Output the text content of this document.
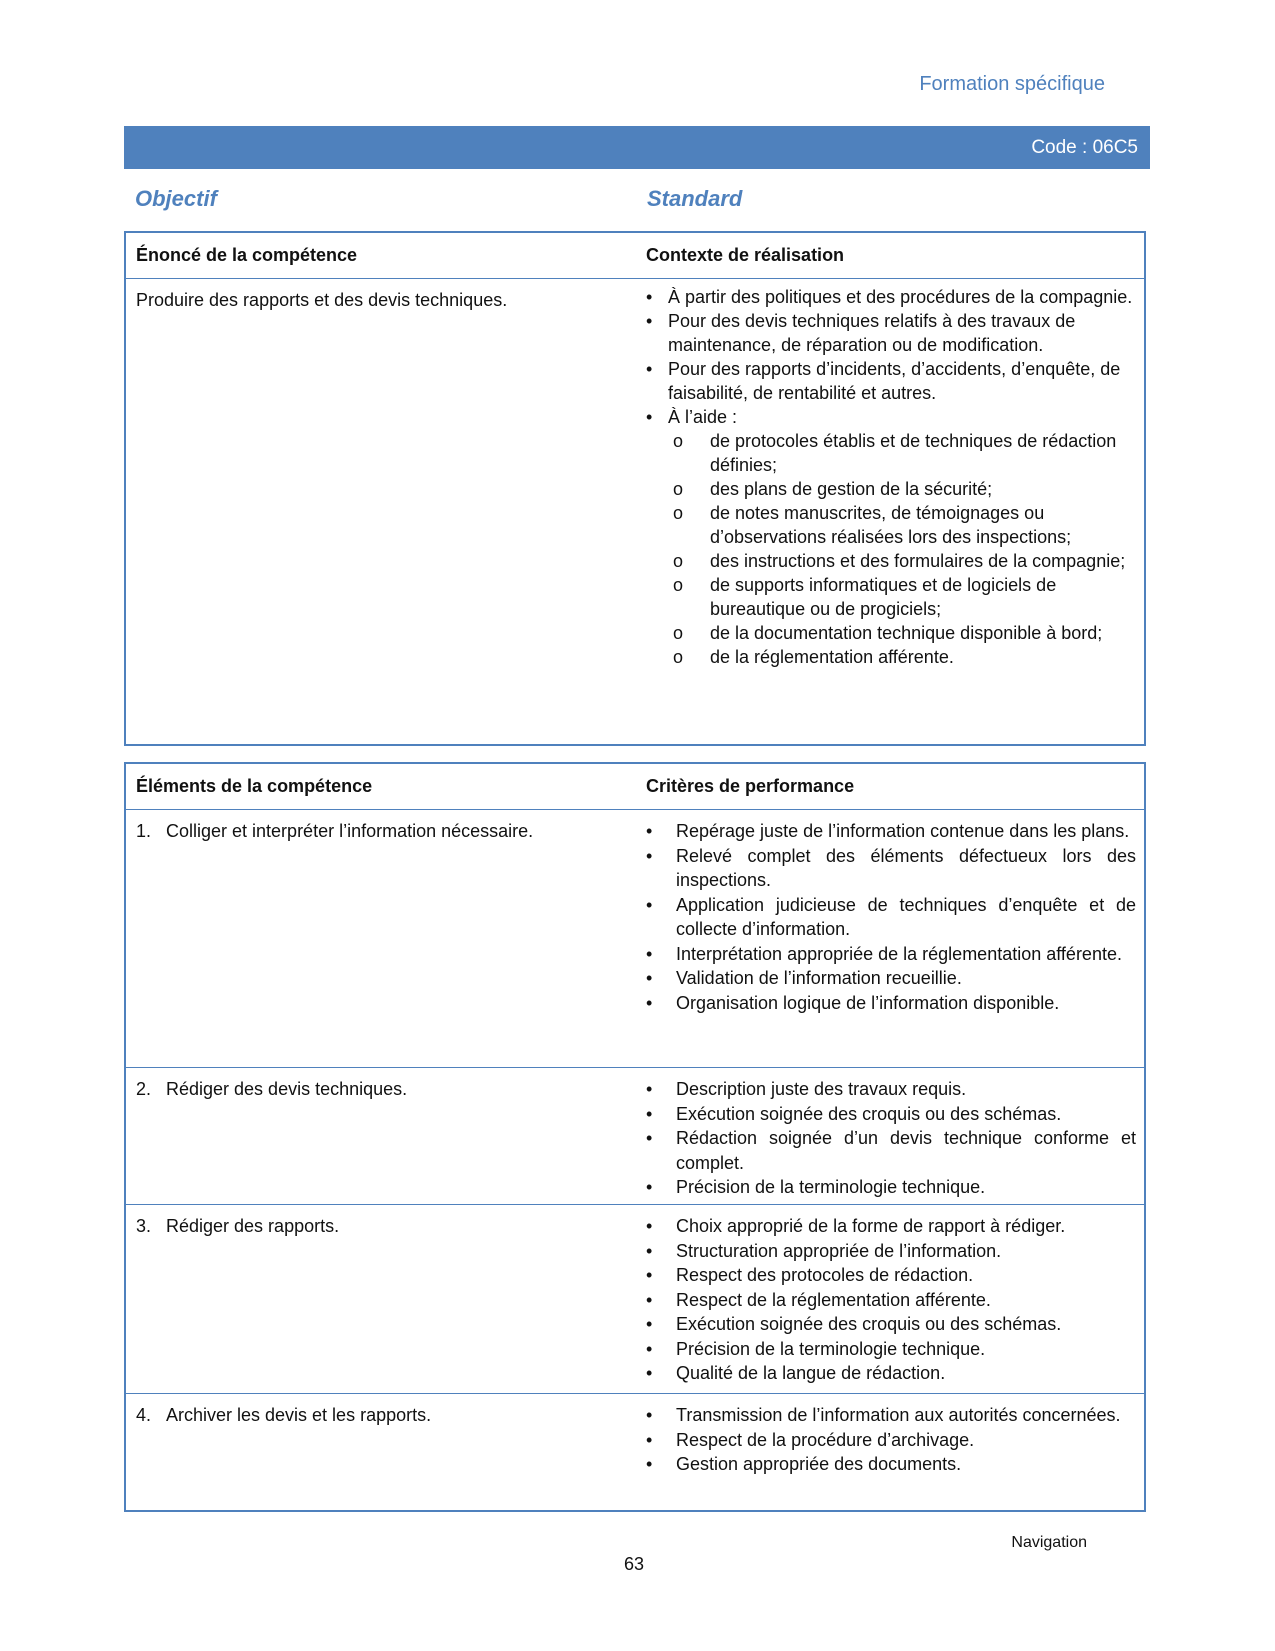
Formation spécifique
Code : 06C5
Objectif	Standard
Énoncé de la compétence	Contexte de réalisation
Produire des rapports et des devis techniques.	• À partir des politiques et des procédures de la compagnie.
• Pour des devis techniques relatifs à des travaux de maintenance, de réparation ou de modification.
• Pour des rapports d’incidents, d’accidents, d’enquête, de faisabilité, de rentabilité et autres.
• À l’aide :
o de protocoles établis et de techniques de rédaction définies;
o des plans de gestion de la sécurité;
o de notes manuscrites, de témoignages ou d’observations réalisées lors des inspections;
o des instructions et des formulaires de la compagnie;
o de supports informatiques et de logiciels de bureautique ou de progiciels;
o de la documentation technique disponible à bord;
o de la réglementation afférente.
Éléments de la compétence	Critères de performance
1. Colliger et interpréter l’information nécessaire.	• Repérage juste de l’information contenue dans les plans.
• Relevé complet des éléments défectueux lors des inspections.
• Application judicieuse de techniques d’enquête et de collecte d’information.
• Interprétation appropriée de la réglementation afférente.
• Validation de l’information recueillie.
• Organisation logique de l’information disponible.
2. Rédiger des devis techniques.	• Description juste des travaux requis.
• Exécution soignée des croquis ou des schémas.
• Rédaction soignée d’un devis technique conforme et complet.
• Précision de la terminologie technique.
3. Rédiger des rapports.	• Choix approprié de la forme de rapport à rédiger.
• Structuration appropriée de l’information.
• Respect des protocoles de rédaction.
• Respect de la réglementation afférente.
• Exécution soignée des croquis ou des schémas.
• Précision de la terminologie technique.
• Qualité de la langue de rédaction.
4. Archiver les devis et les rapports.	• Transmission de l’information aux autorités concernées.
• Respect de la procédure d’archivage.
• Gestion appropriée des documents.
Navigation
63
